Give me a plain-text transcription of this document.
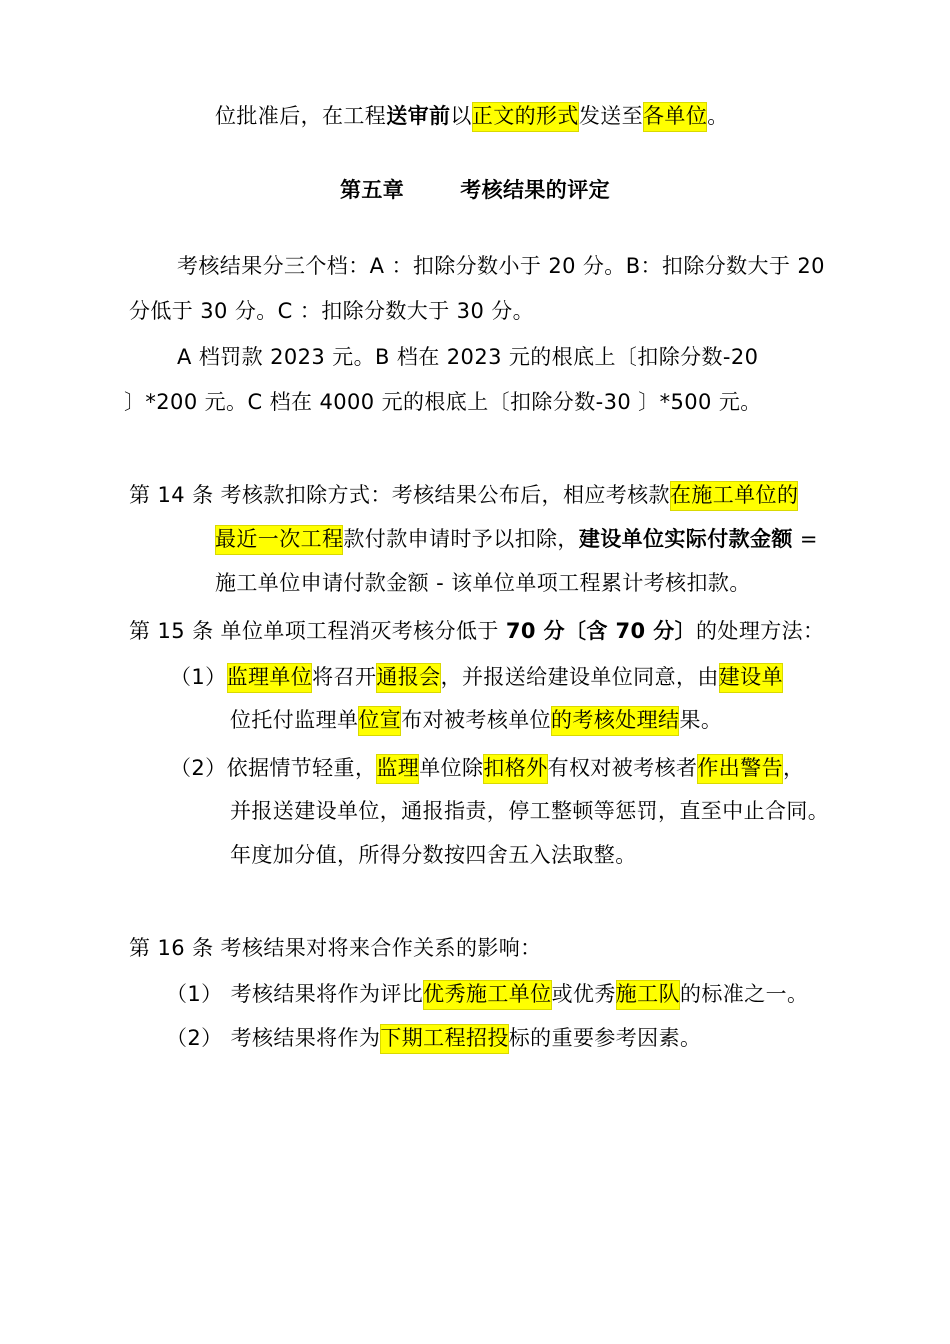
位批准后，在工程送审前以正文的形式发送至各单位。
第五章	考核结果的评定
考核结果分三个档：A ：扣除分数小于 20 分。B：扣除分数大于 20
分低于 30 分。C ：扣除分数大于 30 分。
A 档罚款 2023 元。B 档在 2023 元的根底上〔扣除分数-20
〕*200 元。C 档在 4000 元的根底上〔扣除分数-30 〕*500 元。
第 14 条 考核款扣除方式：考核结果公布后，相应考核款在施工单位的
最近一次工程款付款申请时予以扣除，建设单位实际付款金额 =
施工单位申请付款金额 - 该单位单项工程累计考核扣款。
第 15 条 单位单项工程消灭考核分低于 70 分〔含 70 分〕的处理方法：
（1）监理单位将召开通报会，并报送给建设单位同意，由建设单
位托付监理单位宣布对被考核单位的考核处理结果。
（2）依据情节轻重，监理单位除扣格外有权对被考核者作出警告，
并报送建设单位，通报指责，停工整顿等惩罚，直至中止合同。
年度加分值，所得分数按四舍五入法取整。
第 16 条 考核结果对将来合作关系的影响：
（1） 考核结果将作为评比优秀施工单位或优秀施工队的标准之一。
（2） 考核结果将作为下期工程招投标的重要参考因素。
